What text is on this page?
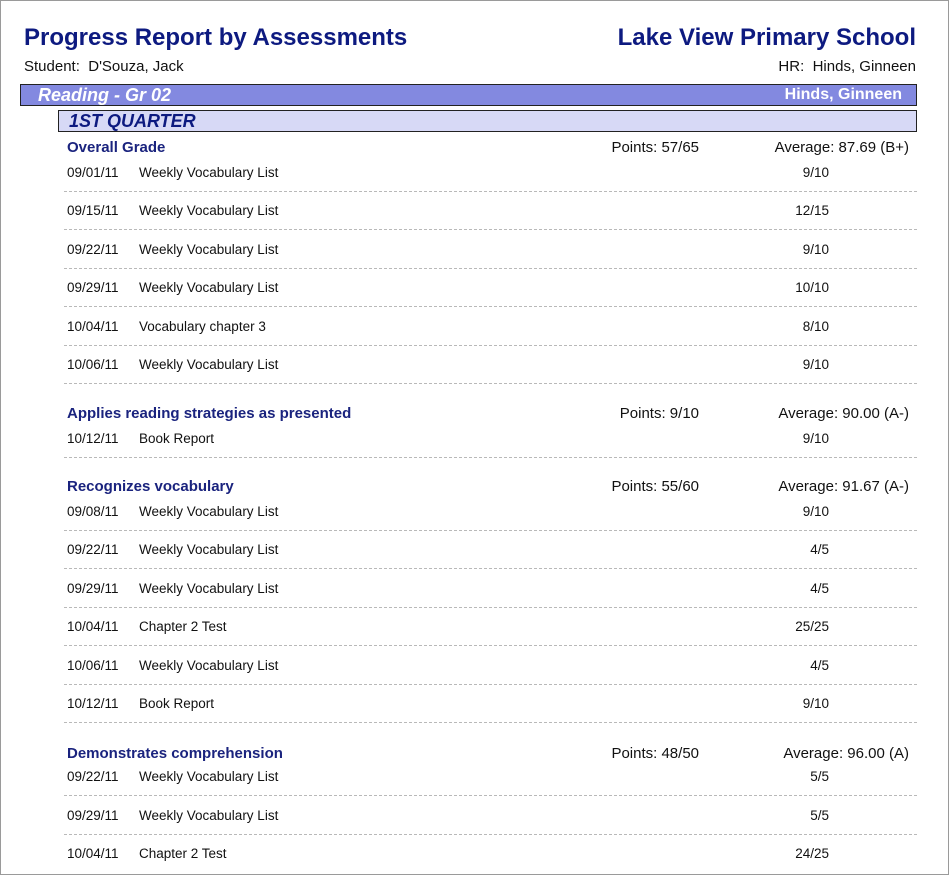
Progress Report by Assessments	Lake View Primary School
Student: D'Souza, Jack	HR: Hinds, Ginneen
Reading - Gr 02	Hinds, Ginneen
1ST QUARTER
Overall Grade	Points: 57/65	Average: 87.69 (B+)
09/01/11 Weekly Vocabulary List	9/10
09/15/11 Weekly Vocabulary List	12/15
09/22/11 Weekly Vocabulary List	9/10
09/29/11 Weekly Vocabulary List	10/10
10/04/11 Vocabulary chapter 3	8/10
10/06/11 Weekly Vocabulary List	9/10
Applies reading strategies as presented	Points: 9/10	Average: 90.00 (A-)
10/12/11 Book Report	9/10
Recognizes vocabulary	Points: 55/60	Average: 91.67 (A-)
09/08/11 Weekly Vocabulary List	9/10
09/22/11 Weekly Vocabulary List	4/5
09/29/11 Weekly Vocabulary List	4/5
10/04/11 Chapter 2 Test	25/25
10/06/11 Weekly Vocabulary List	4/5
10/12/11 Book Report	9/10
Demonstrates comprehension	Points: 48/50	Average: 96.00 (A)
09/22/11 Weekly Vocabulary List	5/5
09/29/11 Weekly Vocabulary List	5/5
10/04/11 Chapter 2 Test	24/25
